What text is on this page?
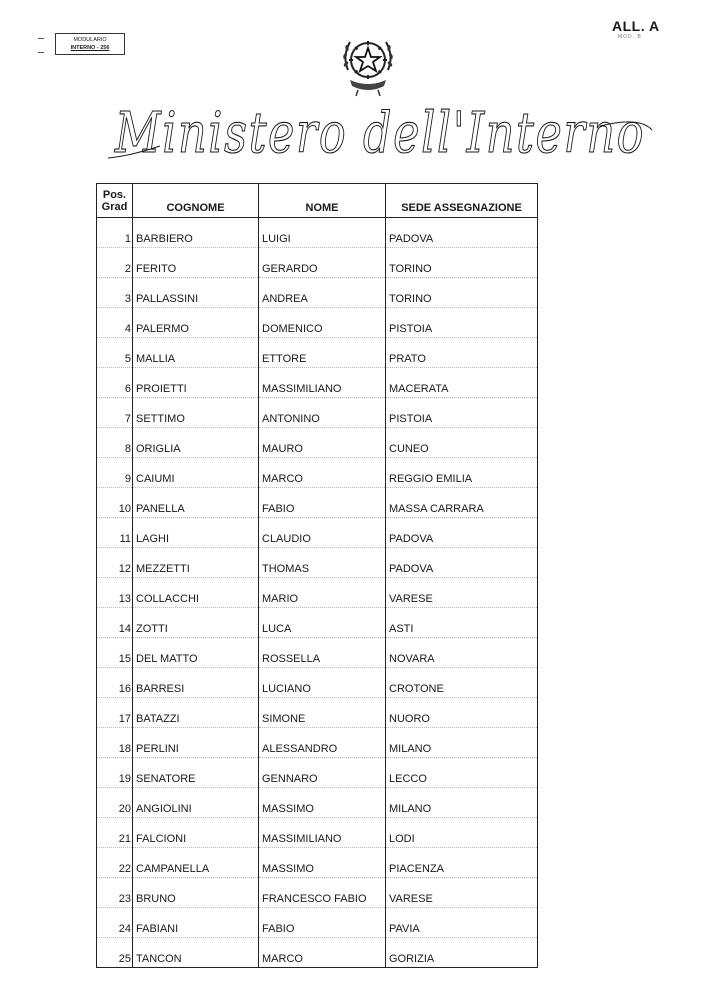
MODULARIO
INTERNO - 256
ALL. A
MOD. B
Ministero dell'Interno
Pos.
Grad	COGNOME	NOME	SEDE ASSEGNAZIONE
1	BARBIERO	LUIGI	PADOVA
2	FERITO	GERARDO	TORINO
3	PALLASSINI	ANDREA	TORINO
4	PALERMO	DOMENICO	PISTOIA
5	MALLIA	ETTORE	PRATO
6	PROIETTI	MASSIMILIANO	MACERATA
7	SETTIMO	ANTONINO	PISTOIA
8	ORIGLIA	MAURO	CUNEO
9	CAIUMI	MARCO	REGGIO EMILIA
10	PANELLA	FABIO	MASSA CARRARA
11	LAGHI	CLAUDIO	PADOVA
12	MEZZETTI	THOMAS	PADOVA
13	COLLACCHI	MARIO	VARESE
14	ZOTTI	LUCA	ASTI
15	DEL MATTO	ROSSELLA	NOVARA
16	BARRESI	LUCIANO	CROTONE
17	BATAZZI	SIMONE	NUORO
18	PERLINI	ALESSANDRO	MILANO
19	SENATORE	GENNARO	LECCO
20	ANGIOLINI	MASSIMO	MILANO
21	FALCIONI	MASSIMILIANO	LODI
22	CAMPANELLA	MASSIMO	PIACENZA
23	BRUNO	FRANCESCO FABIO	VARESE
24	FABIANI	FABIO	PAVIA
25	TANCON	MARCO	GORIZIA
